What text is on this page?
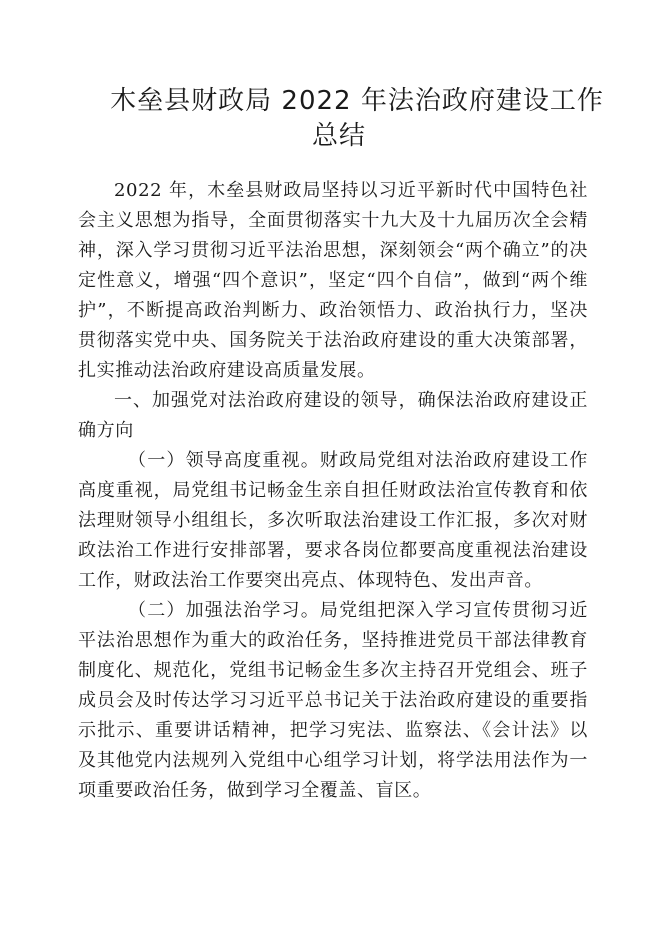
木垒县财政局 2022 年法治政府建设工作
总结

2022 年，木垒县财政局坚持以习近平新时代中国特色社会主义思想为指导，全面贯彻落实十九大及十九届历次全会精神，深入学习贯彻习近平法治思想，深刻领会“两个确立”的决定性意义，增强“四个意识”，坚定“四个自信”，做到“两个维护”，不断提高政治判断力、政治领悟力、政治执行力，坚决贯彻落实党中央、国务院关于法治政府建设的重大决策部署，扎实推动法治政府建设高质量发展。

一、加强党对法治政府建设的领导，确保法治政府建设正确方向

（一）领导高度重视。财政局党组对法治政府建设工作高度重视，局党组书记畅金生亲自担任财政法治宣传教育和依法理财领导小组组长，多次听取法治建设工作汇报，多次对财政法治工作进行安排部署，要求各岗位都要高度重视法治建设工作，财政法治工作要突出亮点、体现特色、发出声音。

（二）加强法治学习。局党组把深入学习宣传贯彻习近平法治思想作为重大的政治任务，坚持推进党员干部法律教育制度化、规范化，党组书记畅金生多次主持召开党组会、班子成员会及时传达学习习近平总书记关于法治政府建设的重要指示批示、重要讲话精神，把学习宪法、监察法、《会计法》以及其他党内法规列入党组中心组学习计划，将学法用法作为一项重要政治任务，做到学习全覆盖、盲区。
